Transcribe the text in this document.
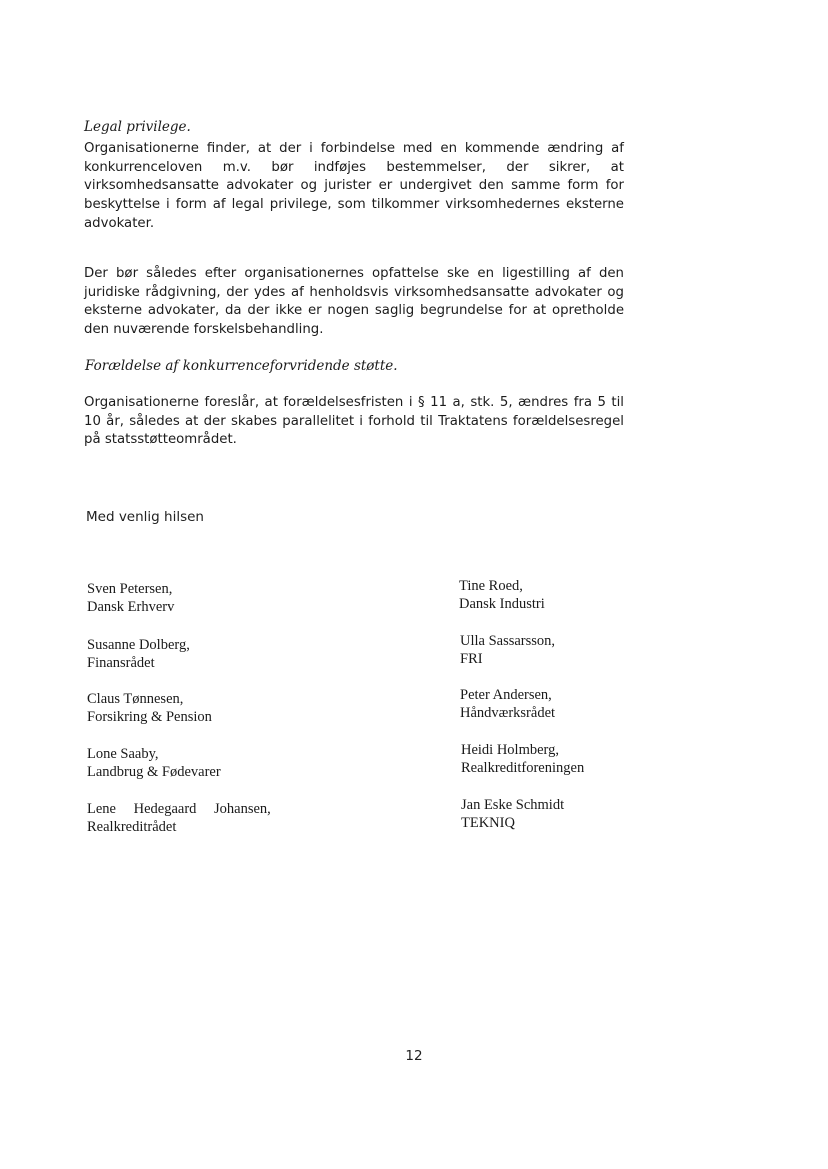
Legal privilege.

Organisationerne finder, at der i forbindelse med en kommende ændring af konkurrenceloven m.v. bør indføjes bestemmelser, der sikrer, at virksomhedsansatte advokater og jurister er undergivet den samme form for beskyttelse i form af legal privilege, som tilkommer virksomhedernes eksterne advokater.

Der bør således efter organisationernes opfattelse ske en ligestilling af den juridiske rådgivning, der ydes af henholdsvis virksomhedsansatte advokater og eksterne advokater, da der ikke er nogen saglig begrundelse for at opretholde den nuværende forskelsbehandling.

Forældelse af konkurrenceforvridende støtte.

Organisationerne foreslår, at forældelsesfristen i § 11 a, stk. 5, ændres fra 5 til 10 år, således at der skabes parallelitet i forhold til Traktatens forældelsesregel på statsstøtteområdet.

Med venlig hilsen
Sven Petersen,
Dansk Erhverv
Susanne Dolberg,
Finansrådet
Claus Tønnesen,
Forsikring & Pension
Lone Saaby,
Landbrug & Fødevarer
Lene Hedegaard Johansen,
Realkreditrådet
Tine Roed,
Dansk Industri
Ulla Sassarsson,
FRI
Peter Andersen,
Håndværksrådet
Heidi Holmberg,
Realkreditforeningen
Jan Eske Schmidt
TEKNIQ
12
